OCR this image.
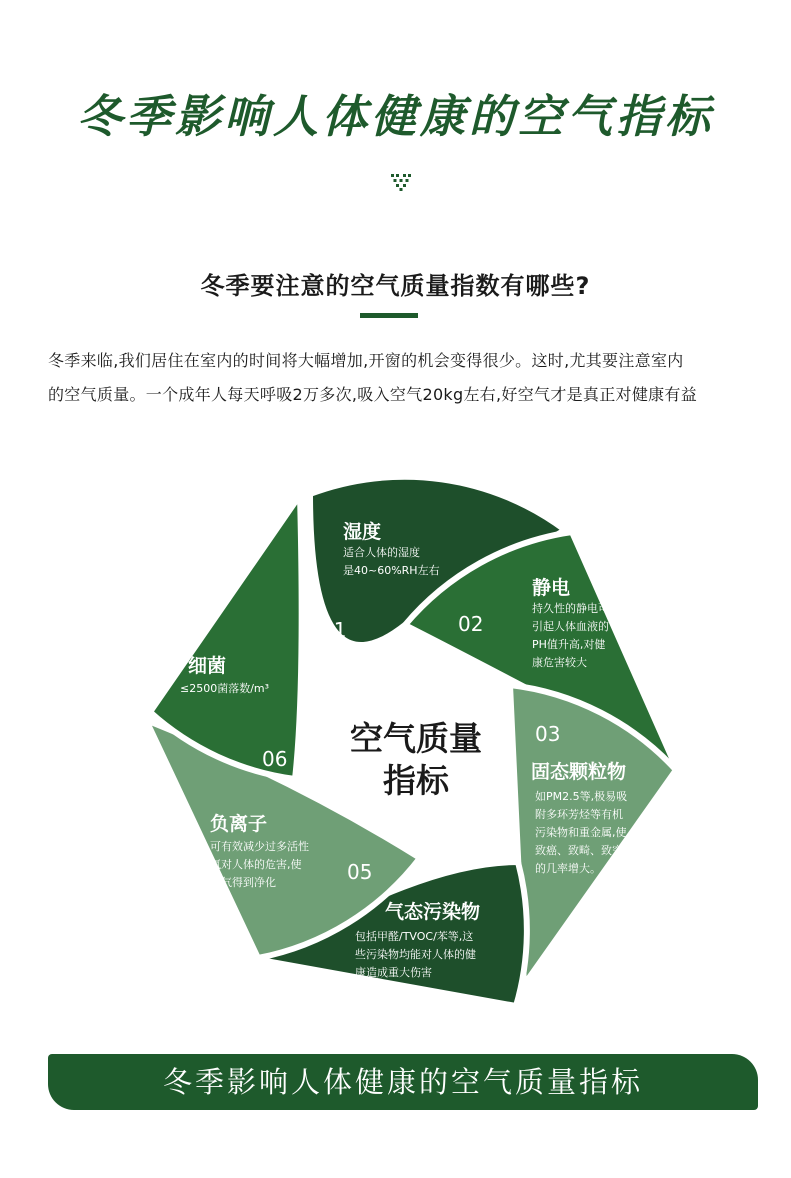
冬季影响人体健康的空气指标
冬季要注意的空气质量指数有哪些?

冬季来临,我们居住在室内的时间将大幅增加,开窗的机会变得很少。这时,尤其要注意室内

的空气质量。一个成年人每天呼吸2万多次,吸入空气20kg左右,好空气才是真正对健康有益

空气质量
指标
湿度
适合人体的湿度
是40~60%RH左右
01
静电
持久性的静电可
引起人体血液的
PH值升高,对健
康危害较大
02
03
固态颗粒物
如PM2.5等,极易吸
附多环芳烃等有机
污染物和重金属,使
致癌、致畸、致突变
的几率增大。
04
气态污染物
包括甲醛/TVOC/苯等,这
些污染物均能对人体的健
康造成重大伤害
负离子
可有效减少过多活性
氧对人体的危害,使
空气得到净化	05
细菌
≤2500菌落数/m³
06
冬季影响人体健康的空气质量指标
